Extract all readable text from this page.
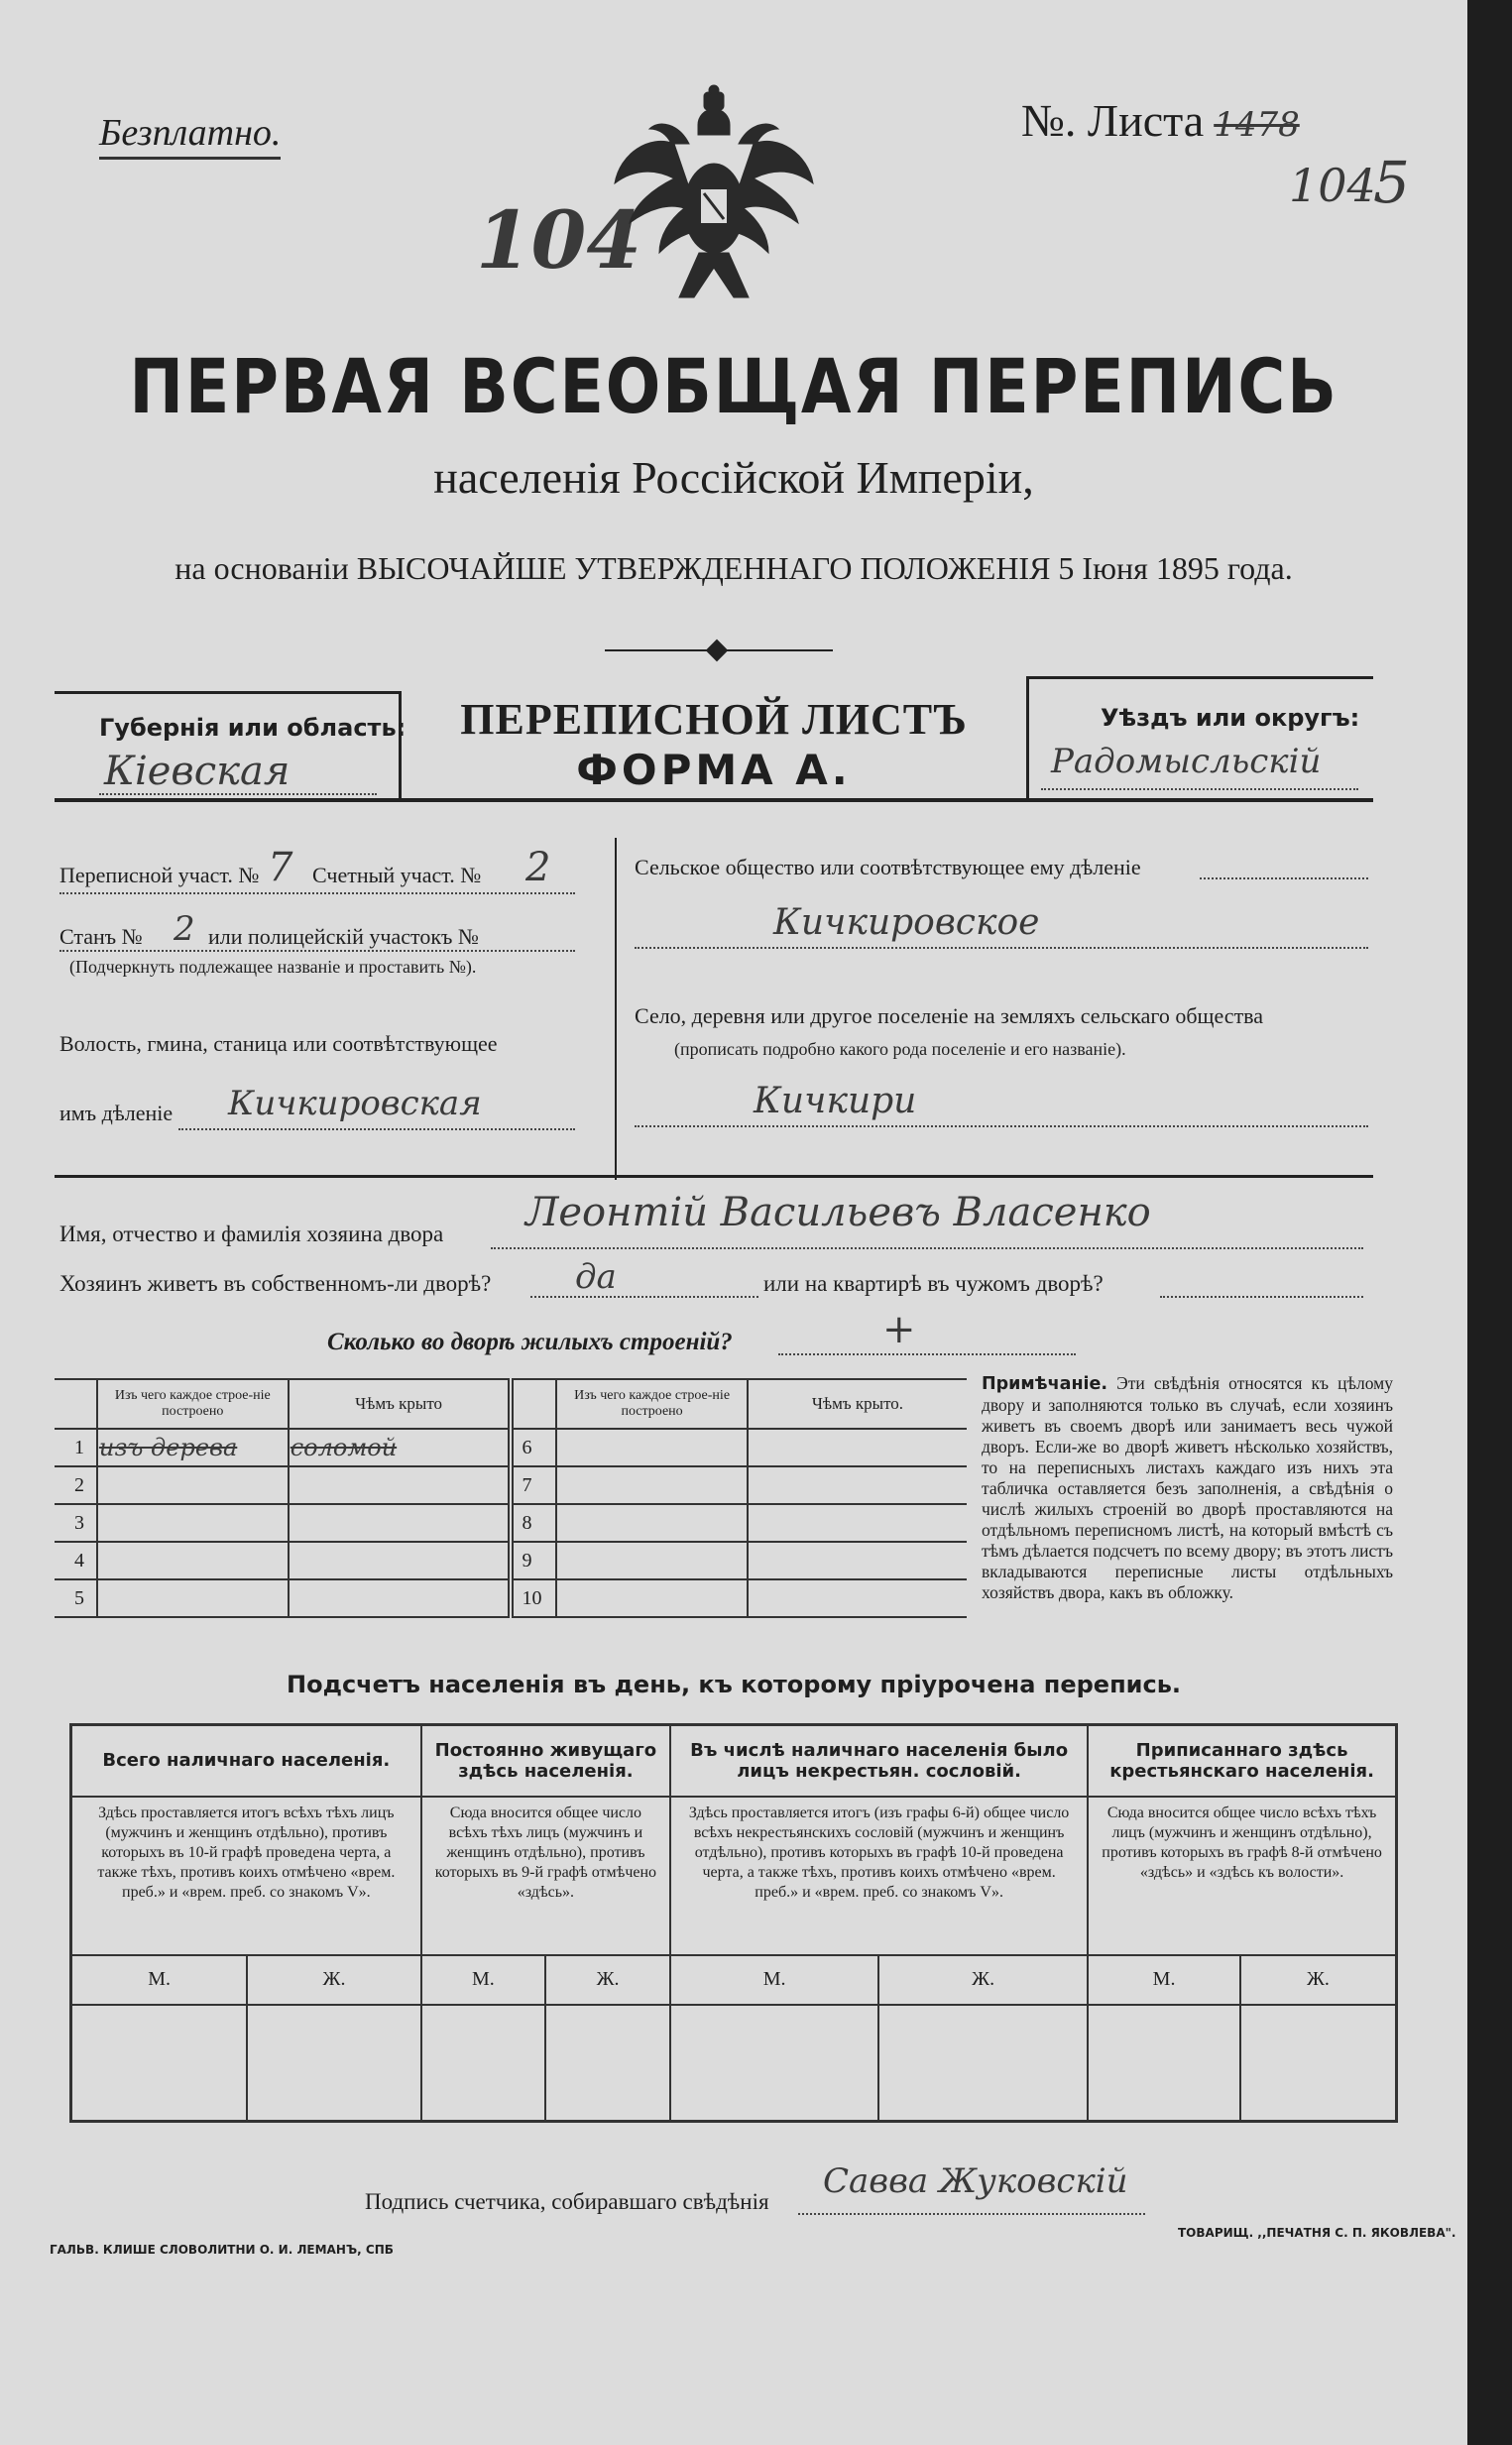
Безплатно.	№. Листа 1478
104
5
104
ПЕРВАЯ ВСЕОБЩАЯ ПЕРЕПИСЬ
населенія Россійской Имперіи,
на основаніи ВЫСОЧАЙШЕ УТВЕРЖДЕННАГО ПОЛОЖЕНІЯ 5 Іюня 1895 года.
Губернія или область:
Кіевская
ПЕРЕПИСНОЙ ЛИСТЪ
ФОРМА А.
Уѣздъ или округъ:
Радомысльскій
Переписной участ. № 7 Счетный участ. № 2
Станъ № 2 или полицейскій участокъ №
(Подчеркнуть подлежащее названіе и проставить №).
Волость, гмина, станица или соотвѣтствующее
имъ дѣленіе Кичкировская
Сельское общество или соотвѣтствующее ему дѣленіе
Кичкировское
Село, деревня или другое поселеніе на земляхъ сельскаго общества
(прописать подробно какого рода поселеніе и его названіе).
Кичкири
Имя, отчество и фамилія хозяина двора Леонтій Васильевъ Власенко
Хозяинъ живетъ въ собственномъ-ли дворѣ? да	или на квартирѣ въ чужомъ дворѣ?
Сколько во дворѣ жилыхъ строеній?	+
	Изъ чего каждое строе-ніе построено	Чѣмъ крыто		Изъ чего каждое строе-ніе построено	Чѣмъ крыто.
1	изъ дерева	соломой	6		
2			7		
3			8		
4			9		
5			10		
Примѣчаніе. Эти свѣдѣнія относятся къ цѣлому двору и заполняются только въ случаѣ, если хозяинъ живетъ въ своемъ дворѣ или занимаетъ весь чужой дворъ. Если-же во дворѣ живетъ нѣсколько хозяйствъ, то на переписныхъ листахъ каждаго изъ нихъ эта табличка оставляется безъ заполненія, а свѣдѣнія о числѣ жилыхъ строеній во дворѣ проставляются на отдѣльномъ переписномъ листѣ, на который вмѣстѣ съ тѣмъ дѣлается подсчетъ по всему двору; въ этотъ листъ вкладываются переписные листы отдѣльныхъ хозяйствъ двора, какъ въ обложку.
Подсчетъ населенія въ день, къ которому пріурочена перепись.
Всего наличнаго населенія.		Постоянно живущаго здѣсь населенія.		Въ числѣ наличнаго населенія было лицъ некрестьян. сословій.		Приписаннаго здѣсь крестьянскаго населенія.	
Здѣсь проставляется итогъ всѣхъ тѣхъ лицъ (мужчинъ и женщинъ отдѣльно), противъ которыхъ въ 10-й графѣ проведена черта, а также тѣхъ, противъ коихъ отмѣчено «врем. преб.» и «врем. преб. со знакомъ V».		Сюда вносится общее число всѣхъ тѣхъ лицъ (мужчинъ и женщинъ отдѣльно), противъ которыхъ въ 9-й графѣ отмѣчено «здѣсь».		Здѣсь проставляется итогъ (изъ графы 6-й) общее число всѣхъ некрестьянскихъ сословій (мужчинъ и женщинъ отдѣльно), противъ которыхъ въ графѣ 10-й проведена черта, а также тѣхъ, противъ коихъ отмѣчено «врем. преб.» и «врем. преб. со знакомъ V».		Сюда вносится общее число всѣхъ тѣхъ лицъ (мужчинъ и женщинъ отдѣльно), противъ которыхъ въ графѣ 8-й отмѣчено «здѣсь» и «здѣсь къ волости».	
М.	Ж.	М.	Ж.	М.	Ж.	М.	Ж.

Подпись счетчика, собиравшаго свѣдѣнія
Савва Жуковскій
ГАЛЬВ. КЛИШЕ СЛОВОЛИТНИ О. И. ЛЕМАНЪ, СПБ
ТОВАРИЩ. ,,ПЕЧАТНЯ С. П. ЯКОВЛЕВА".
